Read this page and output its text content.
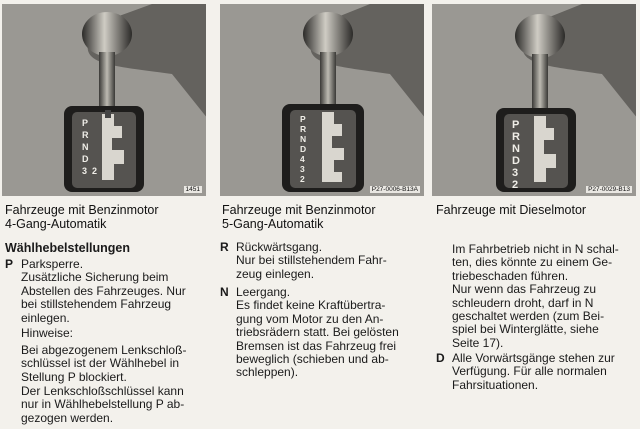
P
R
N
D
3 2
1451
P
R
N
D
4
3
2
P27-0006-B13A
P
R
N
D
3
2	P27-0029-B13
Fahrzeuge mit Benzinmotor
4-Gang-Automatik
Fahrzeuge mit Benzinmotor
5-Gang-Automatik
Fahrzeuge mit Dieselmotor
Wählhebelstellungen
P Parksperre.
Zusätzliche Sicherung beim
Abstellen des Fahrzeuges. Nur
bei stillstehendem Fahrzeug
einlegen.
Hinweise:
Bei abgezogenem Lenkschloß-
schlüssel ist der Wählhebel in
Stellung P blockiert.
Der Lenkschloßschlüssel kann
nur in Wählhebelstellung P ab-
gezogen werden.
R Rückwärtsgang.
Nur bei stillstehendem Fahr-
zeug einlegen.
N Leergang.
Es findet keine Kraftübertra-
gung vom Motor zu den An-
triebsrädern statt. Bei gelösten
Bremsen ist das Fahrzeug frei
beweglich (schieben und ab-
schleppen).
Im Fahrbetrieb nicht in N schal-
ten, dies könnte zu einem Ge-
triebeschaden führen.
Nur wenn das Fahrzeug zu
schleudern droht, darf in N
geschaltet werden (zum Bei-
spiel bei Winterglätte, siehe
Seite 17).
D Alle Vorwärtsgänge stehen zur
Verfügung. Für alle normalen
Fahrsituationen.
